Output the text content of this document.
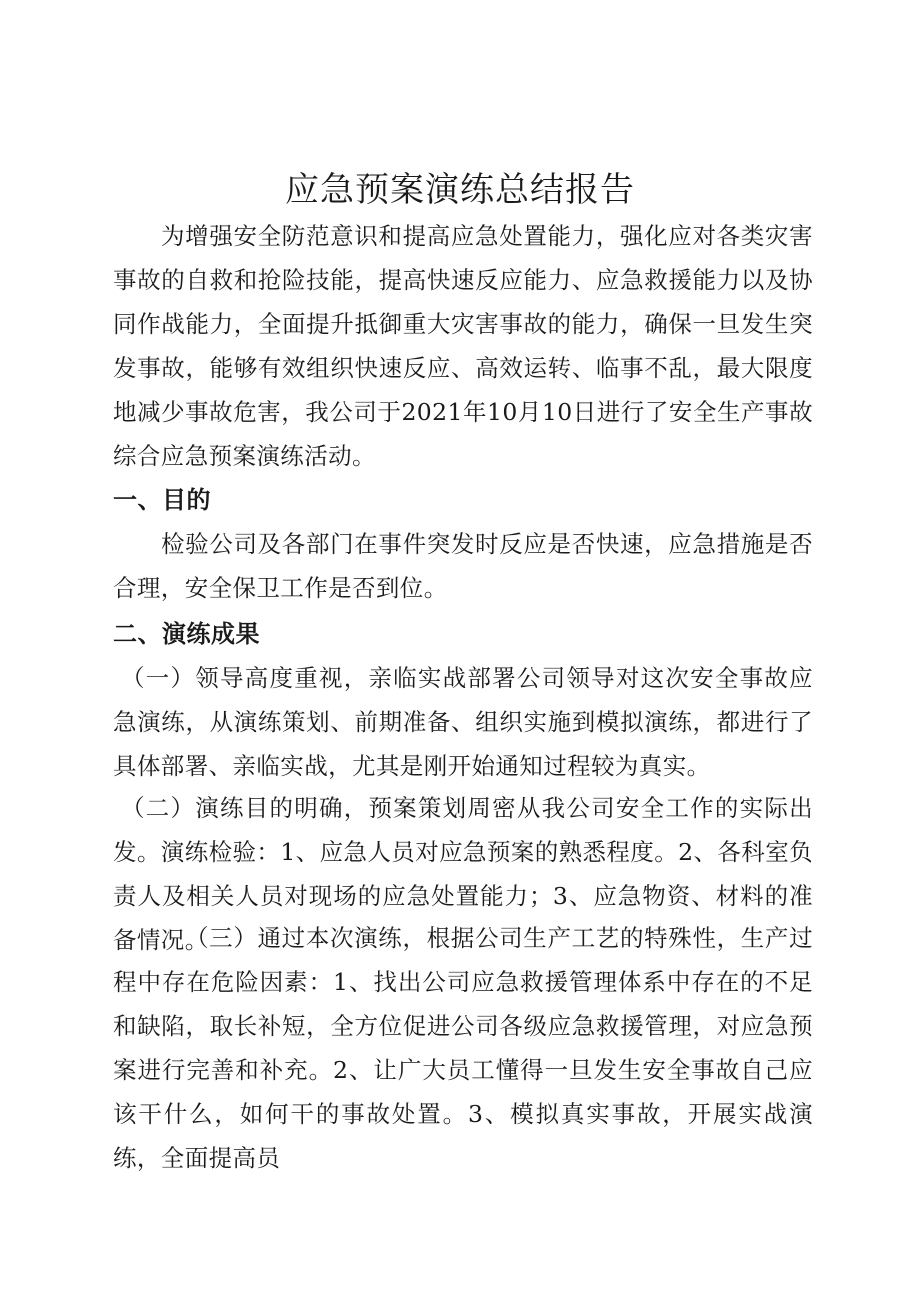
应急预案演练总结报告

为增强安全防范意识和提高应急处置能力，强化应对各类灾害事故的自救和抢险技能，提高快速反应能力、应急救援能力以及协同作战能力，全面提升抵御重大灾害事故的能力，确保一旦发生突发事故，能够有效组织快速反应、高效运转、临事不乱，最大限度地减少事故危害，我公司于2021年10月10日进行了安全生产事故综合应急预案演练活动。

一、目的

检验公司及各部门在事件突发时反应是否快速，应急措施是否合理，安全保卫工作是否到位。

二、演练成果

（一）领导高度重视，亲临实战部署公司领导对这次安全事故应急演练，从演练策划、前期准备、组织实施到模拟演练，都进行了具体部署、亲临实战，尤其是刚开始通知过程较为真实。

（二）演练目的明确，预案策划周密从我公司安全工作的实际出发。演练检验：1、应急人员对应急预案的熟悉程度。2、各科室负责人及相关人员对现场的应急处置能力；3、应急物资、材料的准备情况。

（三）通过本次演练，根据公司生产工艺的特殊性，生产过程中存在危险因素：1、找出公司应急救援管理体系中存在的不足和缺陷，取长补短，全方位促进公司各级应急救援管理，对应急预案进行完善和补充。2、让广大员工懂得一旦发生安全事故自己应该干什么，如何干的事故处置。3、模拟真实事故，开展实战演练，全面提高员
